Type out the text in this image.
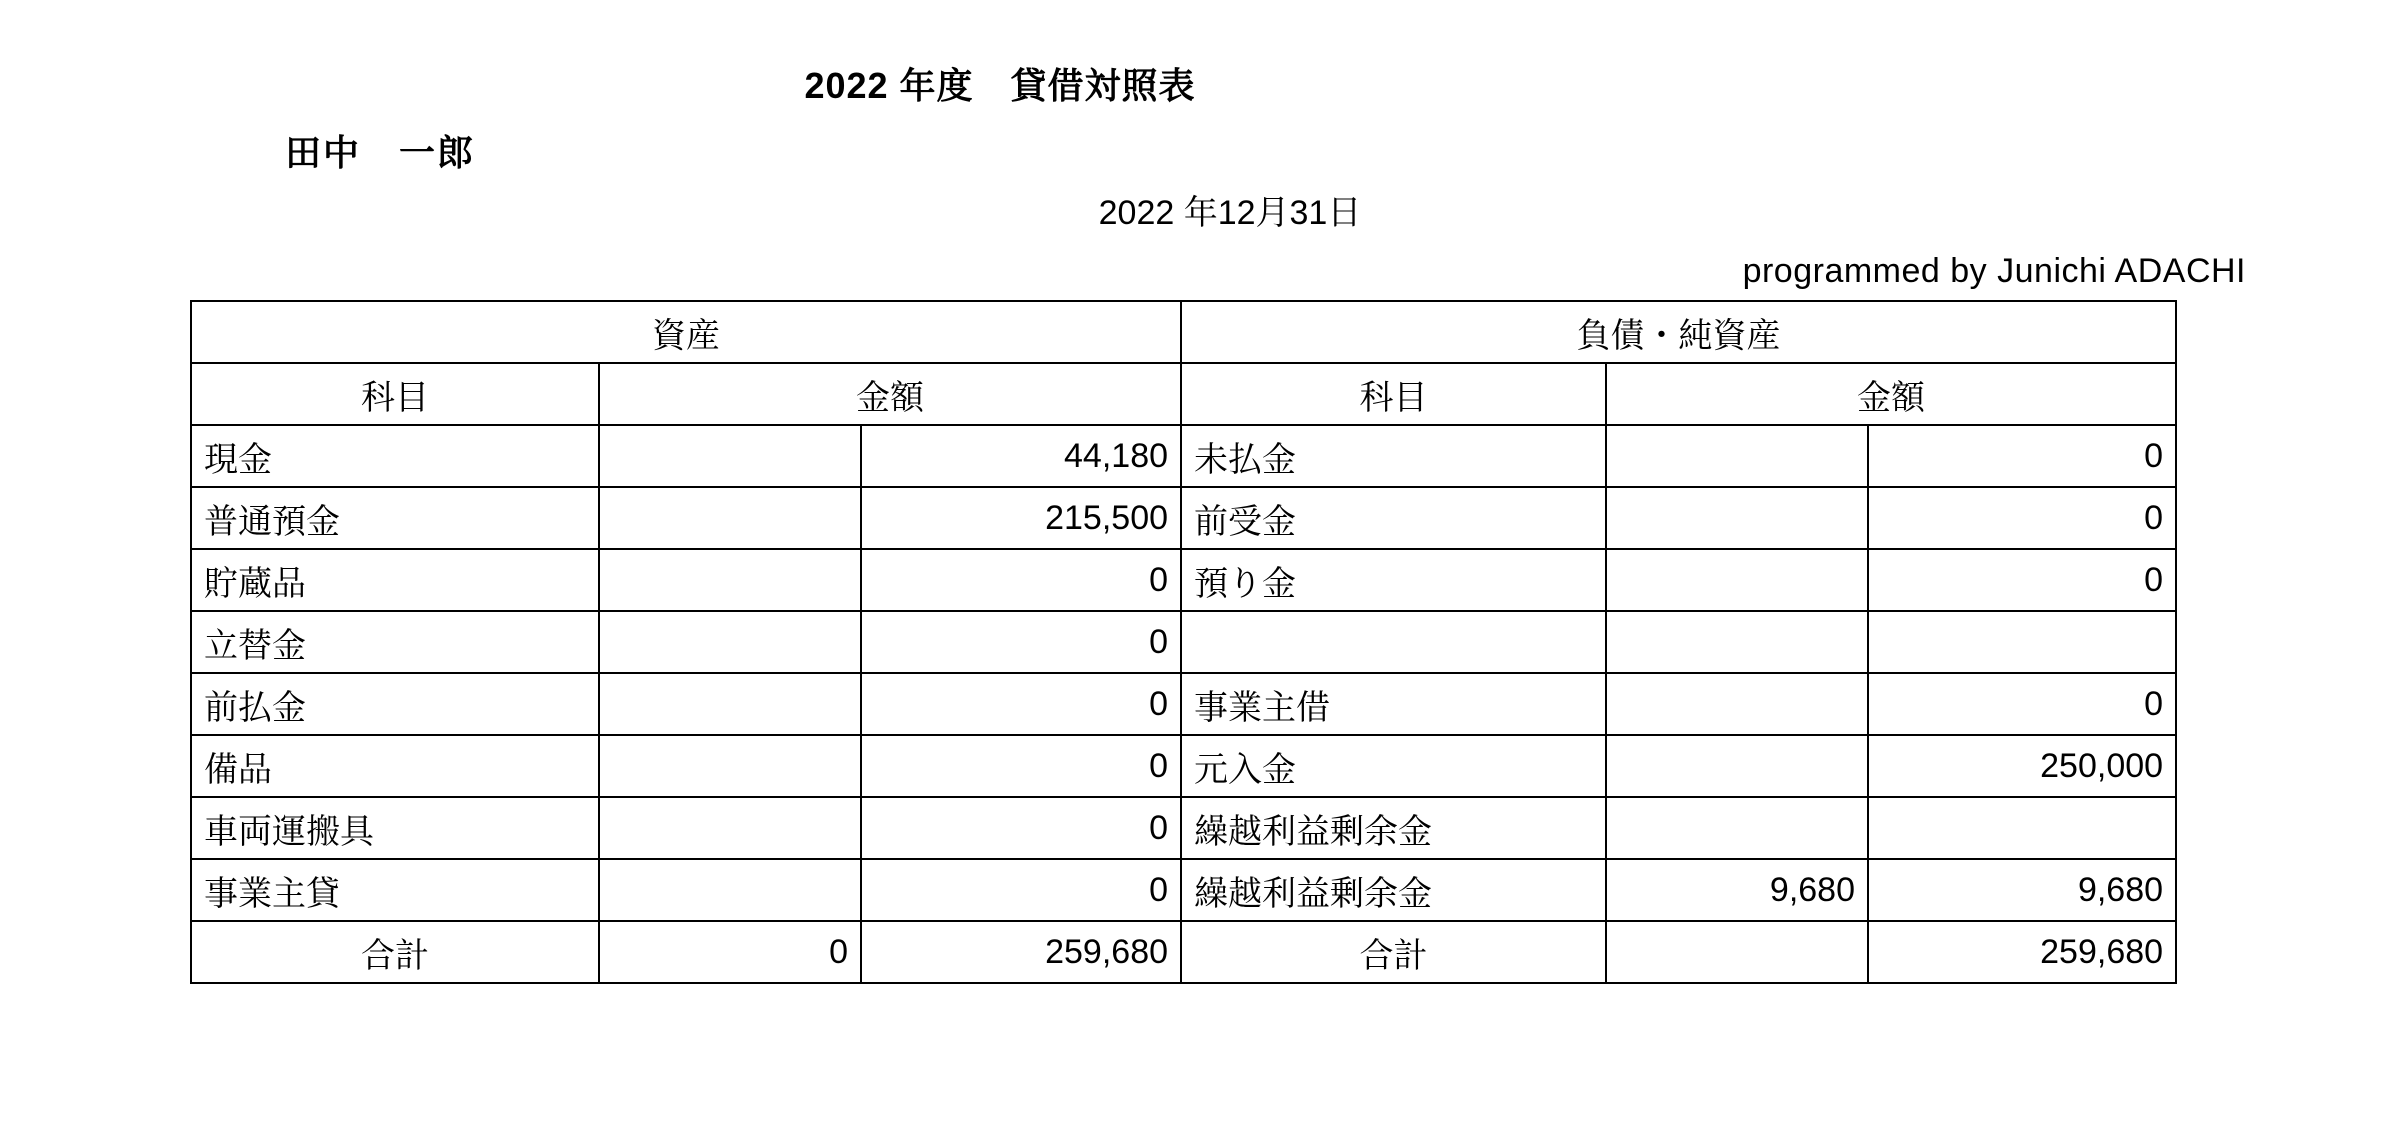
2022 年度　貸借対照表
田中　一郎
2022 年12月31日
programmed by Junichi ADACHI
資産			負債・純資産		
科目	金額		科目	金額	
現金		44,180	未払金		0
普通預金		215,500	前受金		0
貯蔵品		0	預り金		0
立替金		0			
前払金		0	事業主借		0
備品		0	元入金		250,000
車両運搬具		0	繰越利益剰余金		
事業主貸		0	繰越利益剰余金	9,680	9,680
合計	0	259,680	合計		259,680
